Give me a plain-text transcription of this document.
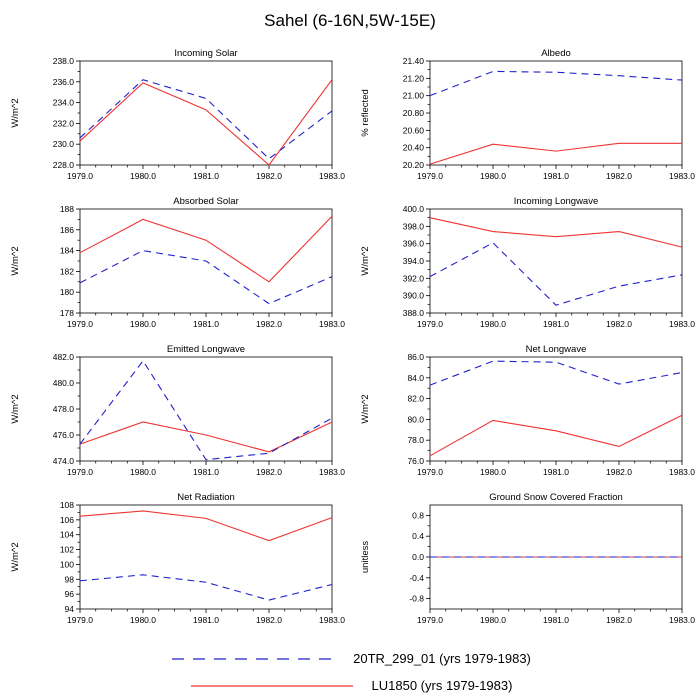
Sahel (6-16N,5W-15E)
Incoming Solar
W/m^2
228.0
230.0
232.0
234.0
236.0
238.0
1979.0	1980.0	1981.0	1982.0	1983.0
Albedo
% reflected
20.20
20.40
20.60
20.80
21.00
21.20
21.40
1979.0	1980.0	1981.0	1982.0	1983.0
Absorbed Solar
W/m^2
178
180
182
184
186
188
1979.0	1980.0	1981.0	1982.0	1983.0
Incoming Longwave
W/m^2
388.0
390.0
392.0
394.0
396.0
398.0
400.0
1979.0	1980.0	1981.0	1982.0	1983.0
Emitted Longwave
W/m^2
474.0
476.0
478.0
480.0
482.0
1979.0	1980.0	1981.0	1982.0	1983.0
Net Longwave
W/m^2
76.0
78.0
80.0
82.0
84.0
86.0
1979.0	1980.0	1981.0	1982.0	1983.0
Net Radiation
W/m^2
94
96
98
100
102
104
106
108
1979.0	1980.0	1981.0	1982.0	1983.0
Ground Snow Covered Fraction
unitless
-0.8
-0.4
0.0
0.4
0.8
1979.0	1980.0	1981.0	1982.0	1983.0
20TR_299_01 (yrs 1979-1983)
LU1850 (yrs 1979-1983)
